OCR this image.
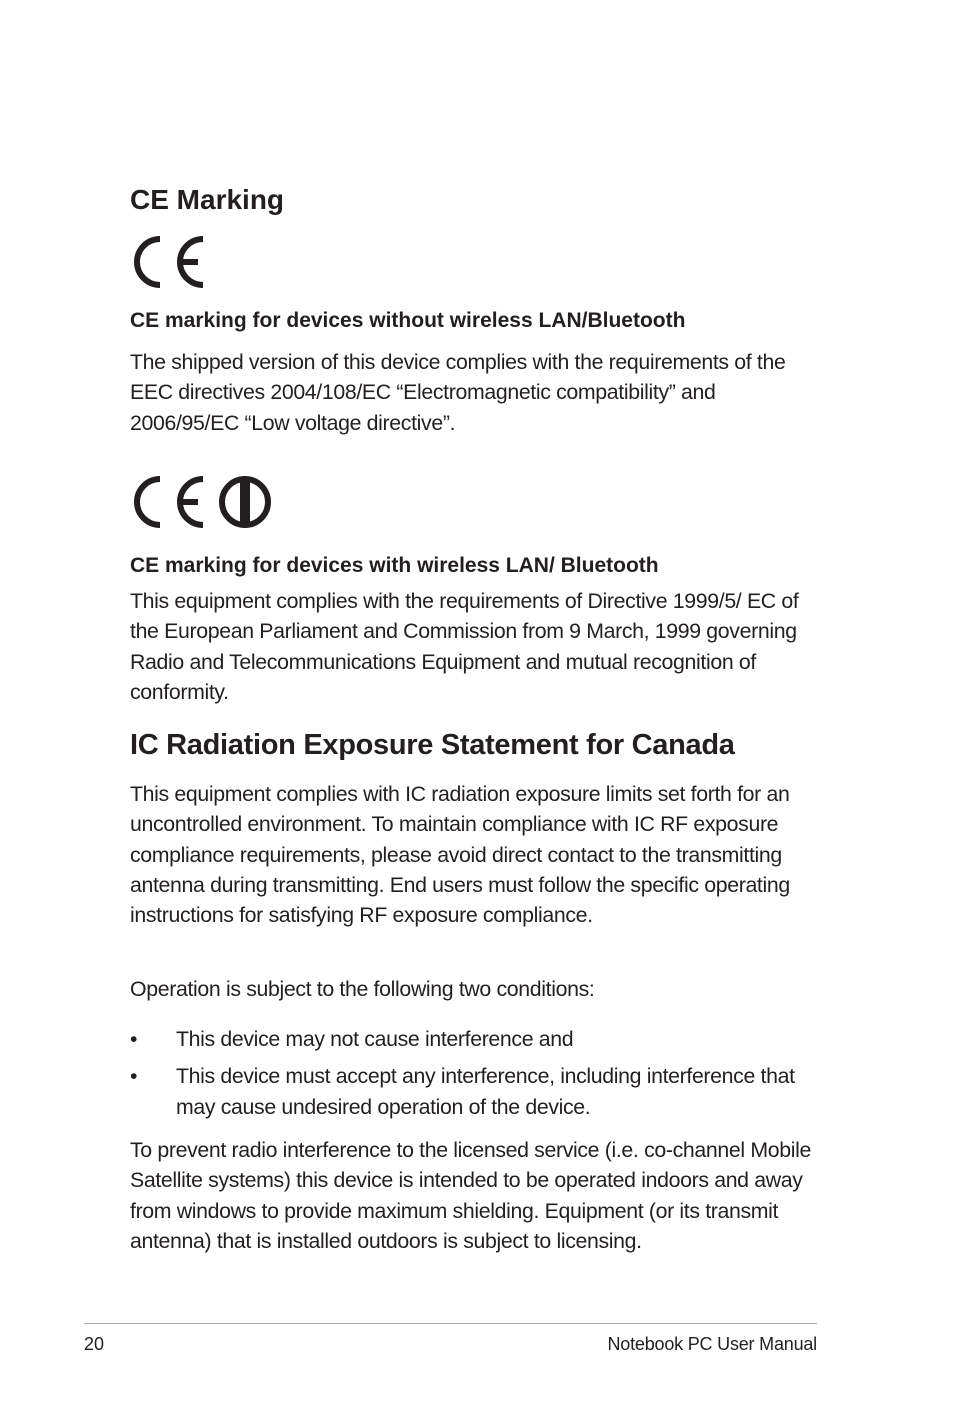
CE Marking
CE marking for devices without wireless LAN/Bluetooth

The shipped version of this device complies with the requirements of the EEC directives 2004/108/EC “Electromagnetic compatibility” and 2006/95/EC “Low voltage directive”.

CE marking for devices with wireless LAN/ Bluetooth

This equipment complies with the requirements of Directive 1999/5/ EC of the European Parliament and Commission from 9 March, 1999 governing Radio and Telecommunications Equipment and mutual recognition of conformity.

IC Radiation Exposure Statement for Canada

This equipment complies with IC radiation exposure limits set forth for an uncontrolled environment. To maintain compliance with IC RF exposure compliance requirements, please avoid direct contact to the transmitting antenna during transmitting. End users must follow the specific operating instructions for satisfying RF exposure compliance.

Operation is subject to the following two conditions:

• This device may not cause interference and
• This device must accept any interference, including interference that may cause undesired operation of the device.

To prevent radio interference to the licensed service (i.e. co-channel Mobile Satellite systems) this device is intended to be operated indoors and away from windows to provide maximum shielding. Equipment (or its transmit antenna) that is installed outdoors is subject to licensing.

20	Notebook PC User Manual
